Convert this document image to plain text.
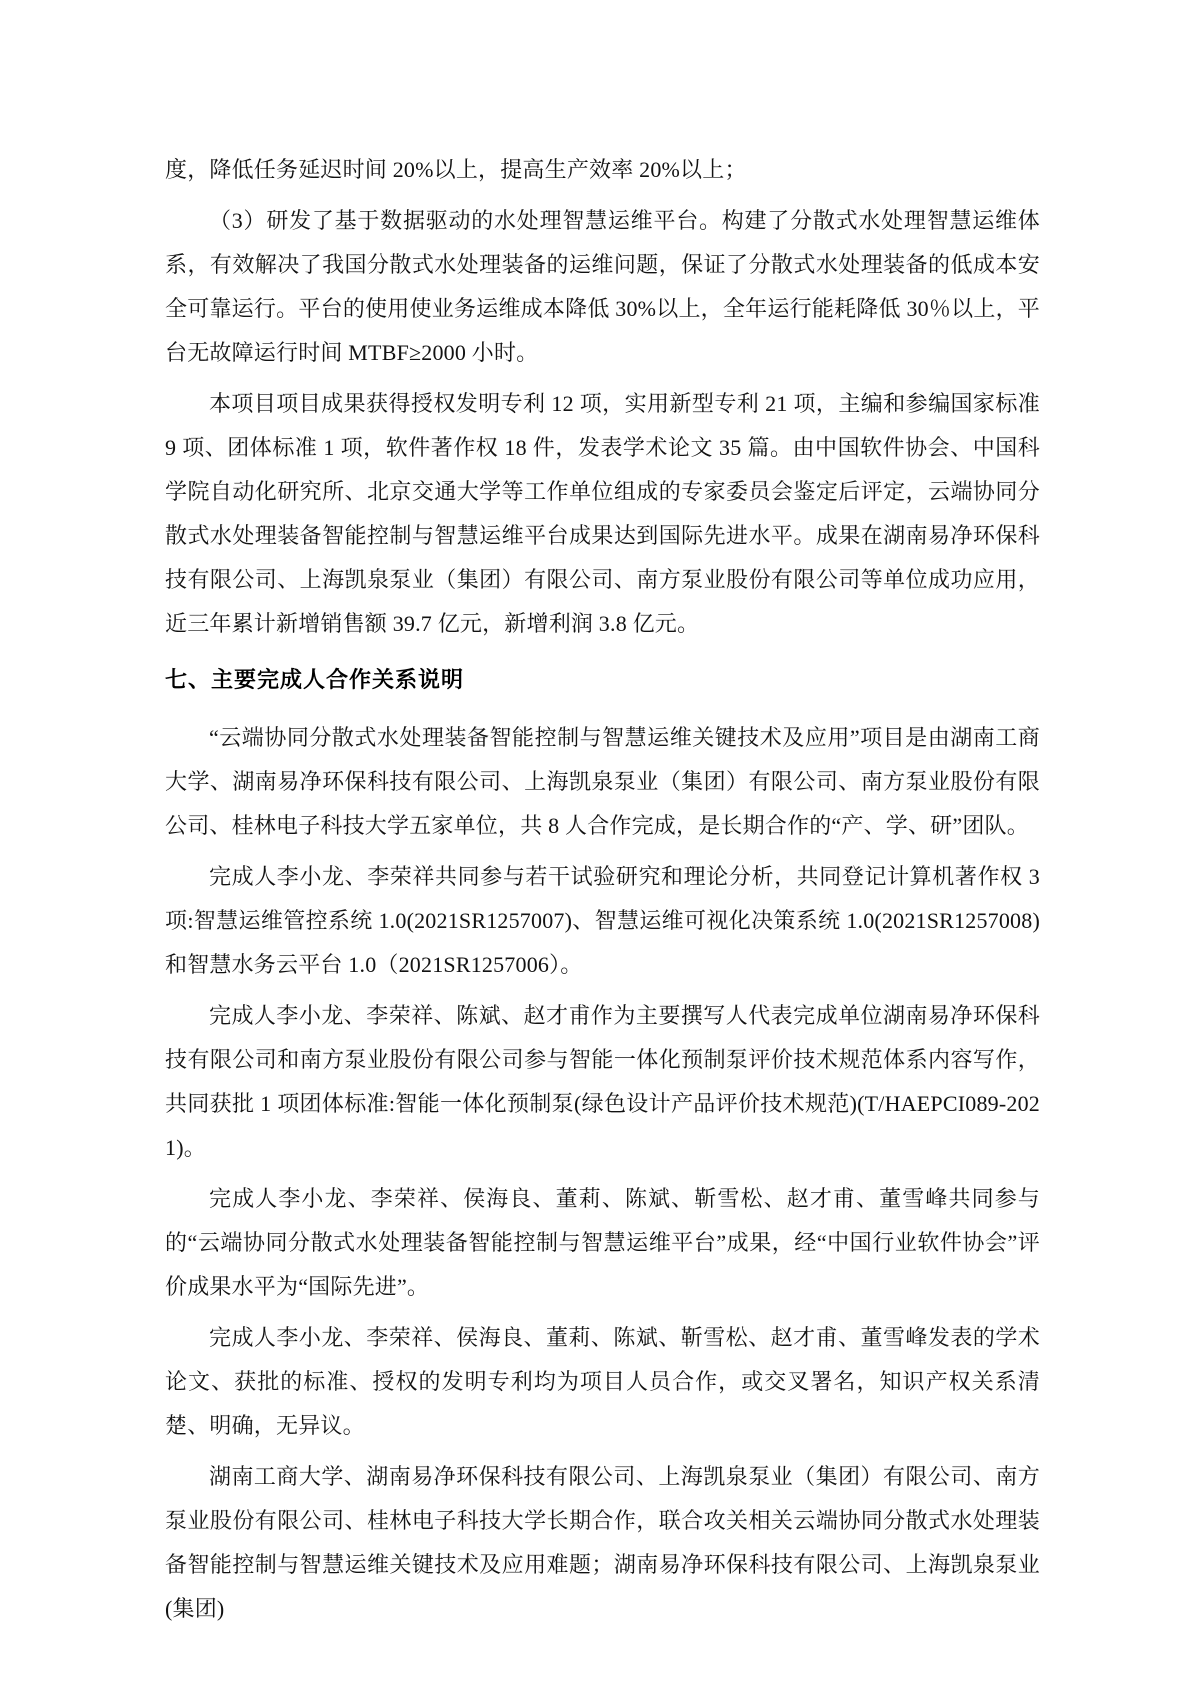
度，降低任务延迟时间 20%以上，提高生产效率 20%以上；

（3）研发了基于数据驱动的水处理智慧运维平台。构建了分散式水处理智慧运维体系，有效解决了我国分散式水处理装备的运维问题，保证了分散式水处理装备的低成本安全可靠运行。平台的使用使业务运维成本降低 30%以上，全年运行能耗降低 30％以上，平台无故障运行时间 MTBF≥2000 小时。

本项目项目成果获得授权发明专利 12 项，实用新型专利 21 项，主编和参编国家标准 9 项、团体标准 1 项，软件著作权 18 件，发表学术论文 35 篇。由中国软件协会、中国科学院自动化研究所、北京交通大学等工作单位组成的专家委员会鉴定后评定，云端协同分散式水处理装备智能控制与智慧运维平台成果达到国际先进水平。成果在湖南易净环保科技有限公司、上海凯泉泵业（集团）有限公司、南方泵业股份有限公司等单位成功应用，近三年累计新增销售额 39.7 亿元，新增利润 3.8 亿元。

七、主要完成人合作关系说明

“云端协同分散式水处理装备智能控制与智慧运维关键技术及应用”项目是由湖南工商大学、湖南易净环保科技有限公司、上海凯泉泵业（集团）有限公司、南方泵业股份有限公司、桂林电子科技大学五家单位，共 8 人合作完成，是长期合作的“产、学、研”团队。

完成人李小龙、李荣祥共同参与若干试验研究和理论分析，共同登记计算机著作权 3 项:智慧运维管控系统 1.0(2021SR1257007)、智慧运维可视化决策系统 1.0(2021SR1257008)和智慧水务云平台 1.0（2021SR1257006）。

完成人李小龙、李荣祥、陈斌、赵才甫作为主要撰写人代表完成单位湖南易净环保科技有限公司和南方泵业股份有限公司参与智能一体化预制泵评价技术规范体系内容写作，共同获批 1 项团体标准:智能一体化预制泵(绿色设计产品评价技术规范)(T/HAEPCI089-2021)。

完成人李小龙、李荣祥、侯海良、董莉、陈斌、靳雪松、赵才甫、董雪峰共同参与的“云端协同分散式水处理装备智能控制与智慧运维平台”成果，经“中国行业软件协会”评价成果水平为“国际先进”。

完成人李小龙、李荣祥、侯海良、董莉、陈斌、靳雪松、赵才甫、董雪峰发表的学术论文、获批的标准、授权的发明专利均为项目人员合作，或交叉署名，知识产权关系清楚、明确，无异议。

湖南工商大学、湖南易净环保科技有限公司、上海凯泉泵业（集团）有限公司、南方泵业股份有限公司、桂林电子科技大学长期合作，联合攻关相关云端协同分散式水处理装备智能控制与智慧运维关键技术及应用难题；湖南易净环保科技有限公司、上海凯泉泵业(集团)
